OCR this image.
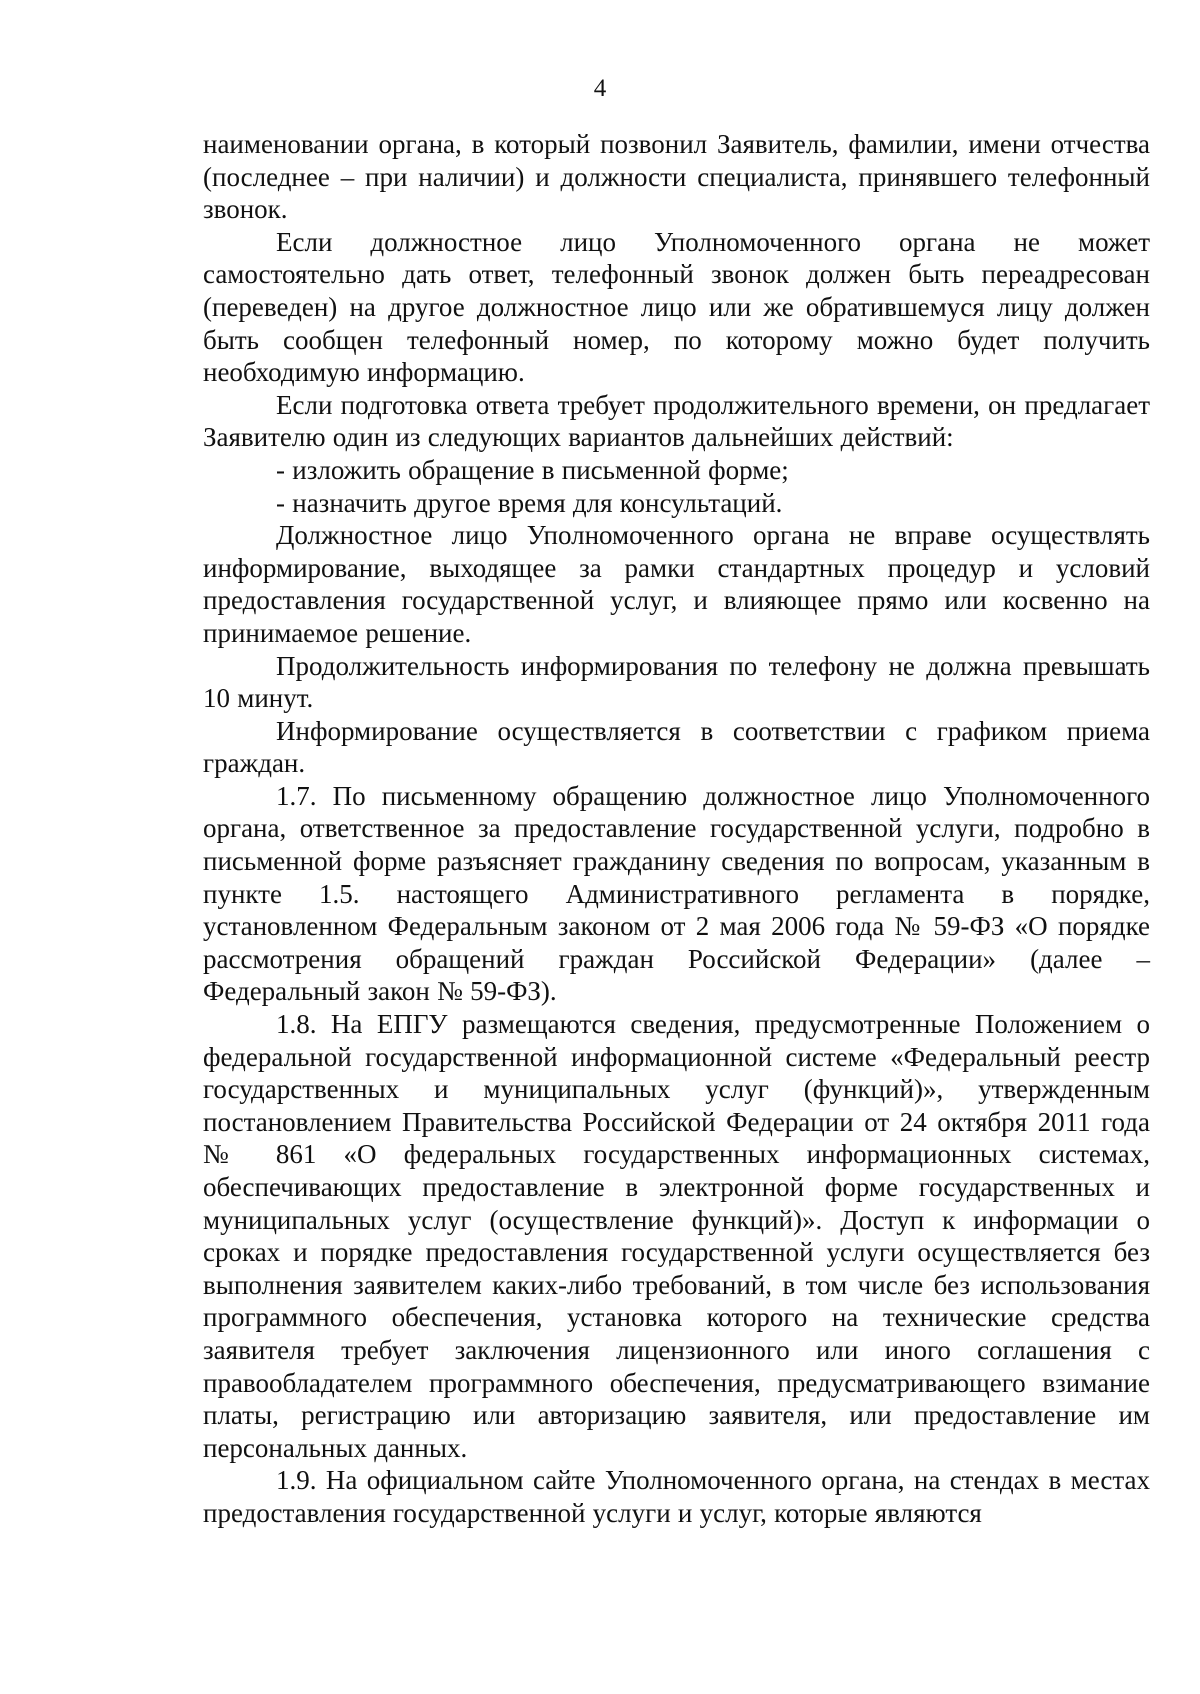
4

наименовании органа, в который позвонил Заявитель, фамилии, имени отчества (последнее – при наличии) и должности специалиста, принявшего телефонный звонок.

Если должностное лицо Уполномоченного органа не может самостоятельно дать ответ, телефонный звонок должен быть переадресован (переведен) на другое должностное лицо или же обратившемуся лицу должен быть сообщен телефонный номер, по которому можно будет получить необходимую информацию.

Если подготовка ответа требует продолжительного времени, он предлагает Заявителю один из следующих вариантов дальнейших действий:

- изложить обращение в письменной форме;

- назначить другое время для консультаций.

Должностное лицо Уполномоченного органа не вправе осуществлять информирование, выходящее за рамки стандартных процедур и условий предоставления государственной услуг, и влияющее прямо или косвенно на принимаемое решение.

Продолжительность информирования по телефону не должна превышать 10 минут.

Информирование осуществляется в соответствии с графиком приема граждан.

1.7. По письменному обращению должностное лицо Уполномоченного органа, ответственное за предоставление государственной услуги, подробно в письменной форме разъясняет гражданину сведения по вопросам, указанным в пункте 1.5. настоящего Административного регламента в порядке, установленном Федеральным законом от 2 мая 2006 года № 59-ФЗ «О порядке рассмотрения обращений граждан Российской Федерации» (далее – Федеральный закон № 59-ФЗ).

1.8. На ЕПГУ размещаются сведения, предусмотренные Положением о федеральной государственной информационной системе «Федеральный реестр государственных и муниципальных услуг (функций)», утвержденным постановлением Правительства Российской Федерации от 24 октября 2011 года № 861 «О федеральных государственных информационных системах, обеспечивающих предоставление в электронной форме государственных и муниципальных услуг (осуществление функций)». Доступ к информации о сроках и порядке предоставления государственной услуги осуществляется без выполнения заявителем каких-либо требований, в том числе без использования программного обеспечения, установка которого на технические средства заявителя требует заключения лицензионного или иного соглашения с правообладателем программного обеспечения, предусматривающего взимание платы, регистрацию или авторизацию заявителя, или предоставление им персональных данных.

1.9. На официальном сайте Уполномоченного органа, на стендах в местах предоставления государственной услуги и услуг, которые являются
